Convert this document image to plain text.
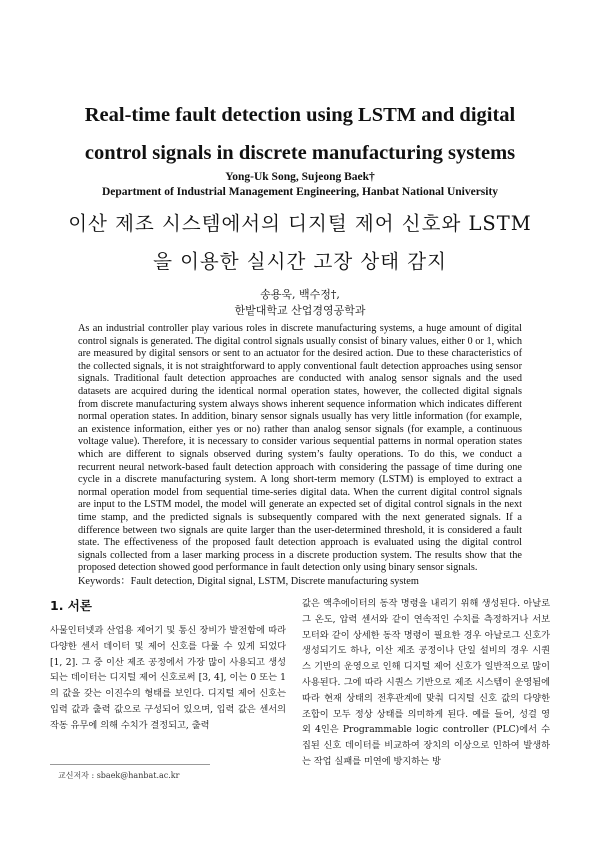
Real-time fault detection using LSTM and digital
control signals in discrete manufacturing systems
Yong-Uk Song, Sujeong Baek†
Department of Industrial Management Engineering, Hanbat National University
이산 제조 시스템에서의 디지털 제어 신호와 LSTM
을 이용한 실시간 고장 상태 감지
송용욱, 백수정†,
한밭대학교 산업경영공학과

As an industrial controller play various roles in discrete manufacturing systems, a huge amount of digital control signals is generated. The digital control signals usually consist of binary values, either 0 or 1, which are measured by digital sensors or sent to an actuator for the desired action. Due to these characteristics of the collected signals, it is not straightforward to apply conventional fault detection approaches using sensor signals. Traditional fault detection approaches are conducted with analog sensor signals and the used datasets are acquired during the identical normal operation states, however, the collected digital signals from discrete manufacturing system always shows inherent sequence information which indicates different normal operation states. In addition, binary sensor signals usually has very little information (for example, an existence information, either yes or no) rather than analog sensor signals (for example, a continuous voltage value). Therefore, it is necessary to consider various sequential patterns in normal operation states which are different to signals observed during system’s faulty operations. To do this, we conduct a recurrent neural network-based fault detection approach with considering the passage of time during one cycle in a discrete manufacturing system. A long short-term memory (LSTM) is employed to extract a normal operation model from sequential time-series digital data. When the current digital control signals are input to the LSTM model, the model will generate an expected set of digital control signals in the next time stamp, and the predicted signals is subsequently compared with the next generated signals. If a difference between two signals are quite larger than the user-determined threshold, it is considered a fault state. The effectiveness of the proposed fault detection approach is evaluated using the digital control signals collected from a laser marking process in a discrete production system. The results show that the proposed detection showed good performance in fault detection only using binary sensor signals.

Keywords：Fault detection, Digital signal, LSTM, Discrete manufacturing system
1. 서론

사물인터넷과 산업용 제어기 및 통신 장비가 발전함에 따라 다양한 센서 데이터 및 제어 신호를 다룰 수 있게 되었다 [1, 2]. 그 중 이산 제조 공정에서 가장 많이 사용되고 생성되는 데이터는 디지털 제어 신호로써 [3, 4], 이는 0 또는 1의 값을 갖는 이진수의 형태를 보인다. 디지털 제어 신호는 입력 값과 출력 값으로 구성되어 있으며, 입력 값은 센서의 작동 유무에 의해 수치가 결정되고, 출력

값은 액추에이터의 동작 명령을 내리기 위해 생성된다. 아날로그 온도, 압력 센서와 같이 연속적인 수치를 측정하거나 서보 모터와 같이 상세한 동작 명령이 필요한 경우 아날로그 신호가 생성되기도 하나, 이산 제조 공정이나 단일 설비의 경우 시퀀스 기반의 운영으로 인해 디지털 제어 신호가 일반적으로 많이 사용된다. 그에 따라 시퀀스 기반으로 제조 시스템이 운영됨에 따라 현재 상태의 전후관계에 맞춰 디지털 신호 값의 다양한 조합이 모두 정상 상태를 의미하게 된다. 예를 들어, 성걸 영 외 4인은 Programmable logic controller (PLC)에서 수집된 신호 데이터를 비교하여 장치의 이상으로 인하여 발생하는 작업 실패를 미연에 방지하는 방

교신저자 : sbaek@hanbat.ac.kr
